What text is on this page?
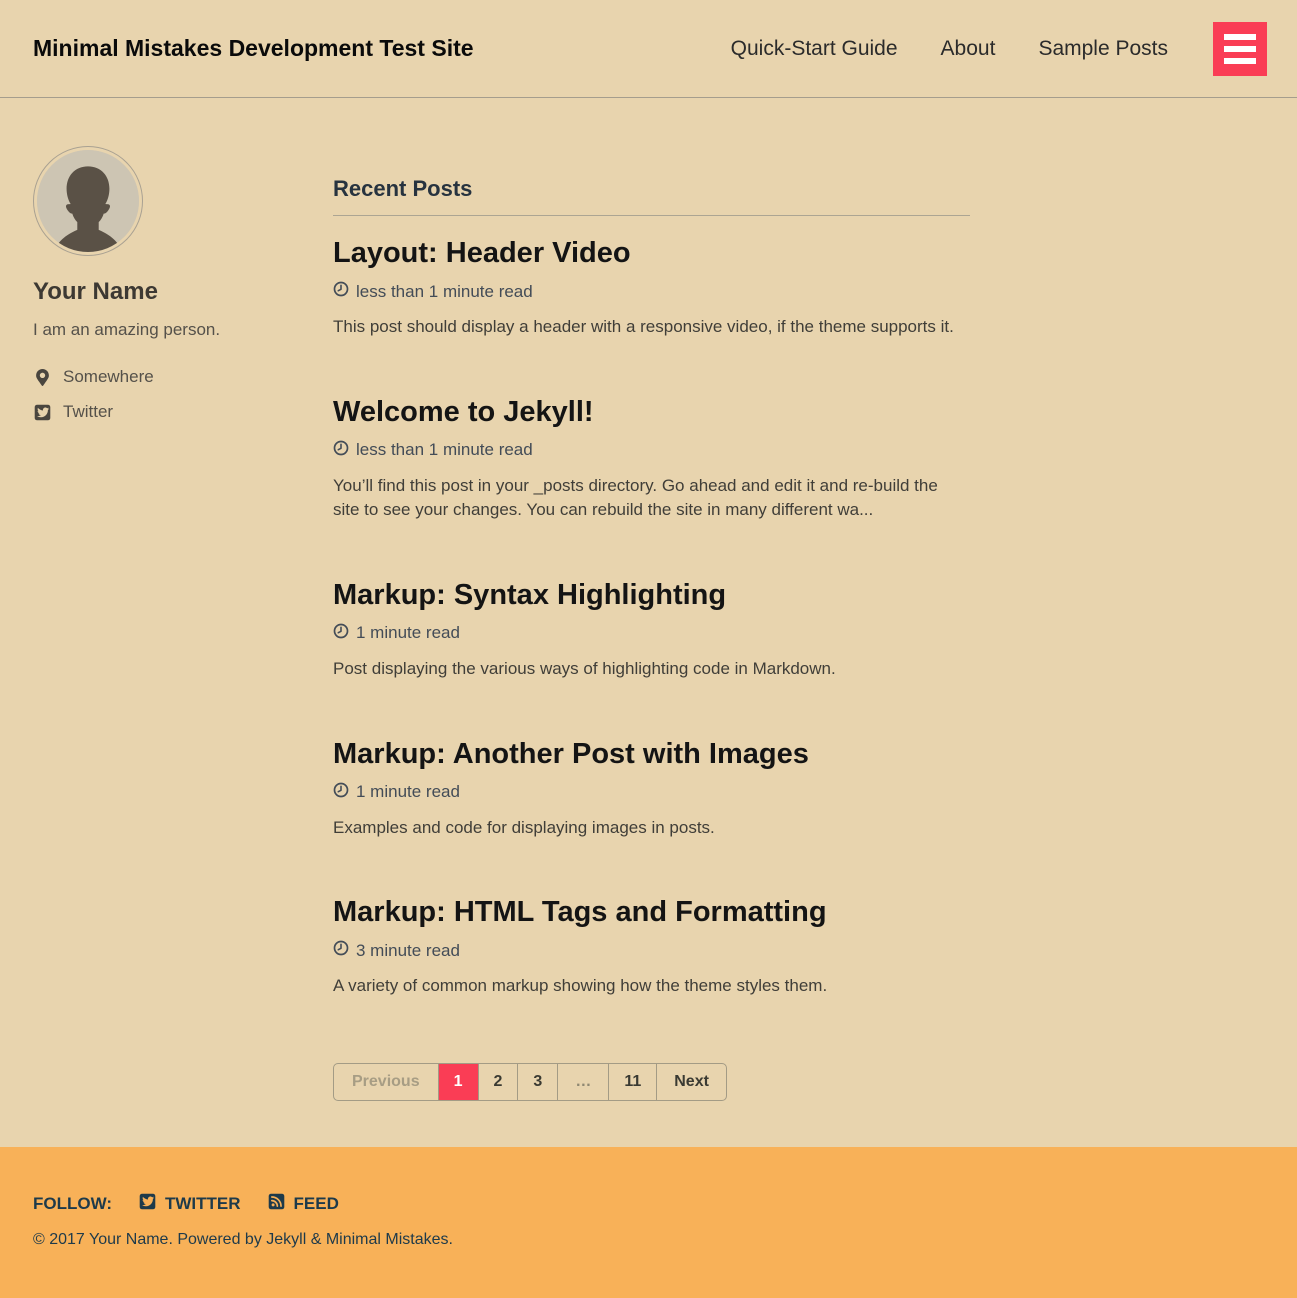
Minimal Mistakes Development Test Site	Quick-Start Guide About Sample Posts
Your Name

I am an amazing person.

Somewhere
Twitter
Recent Posts
Layout: Header Video
less than 1 minute read

This post should display a header with a responsive video, if the theme supports it.

Welcome to Jekyll!
less than 1 minute read

You’ll find this post in your _posts directory. Go ahead and edit it and re-build the site to see your changes. You can rebuild the site in many different wa...

Markup: Syntax Highlighting
1 minute read

Post displaying the various ways of highlighting code in Markdown.

Markup: Another Post with Images
1 minute read

Examples and code for displaying images in posts.

Markup: HTML Tags and Formatting
3 minute read

A variety of common markup showing how the theme styles them.

Previous	1	2	3	…	11	Next
FOLLOW:	TWITTER	FEED
© 2017 Your Name. Powered by Jekyll & Minimal Mistakes.
